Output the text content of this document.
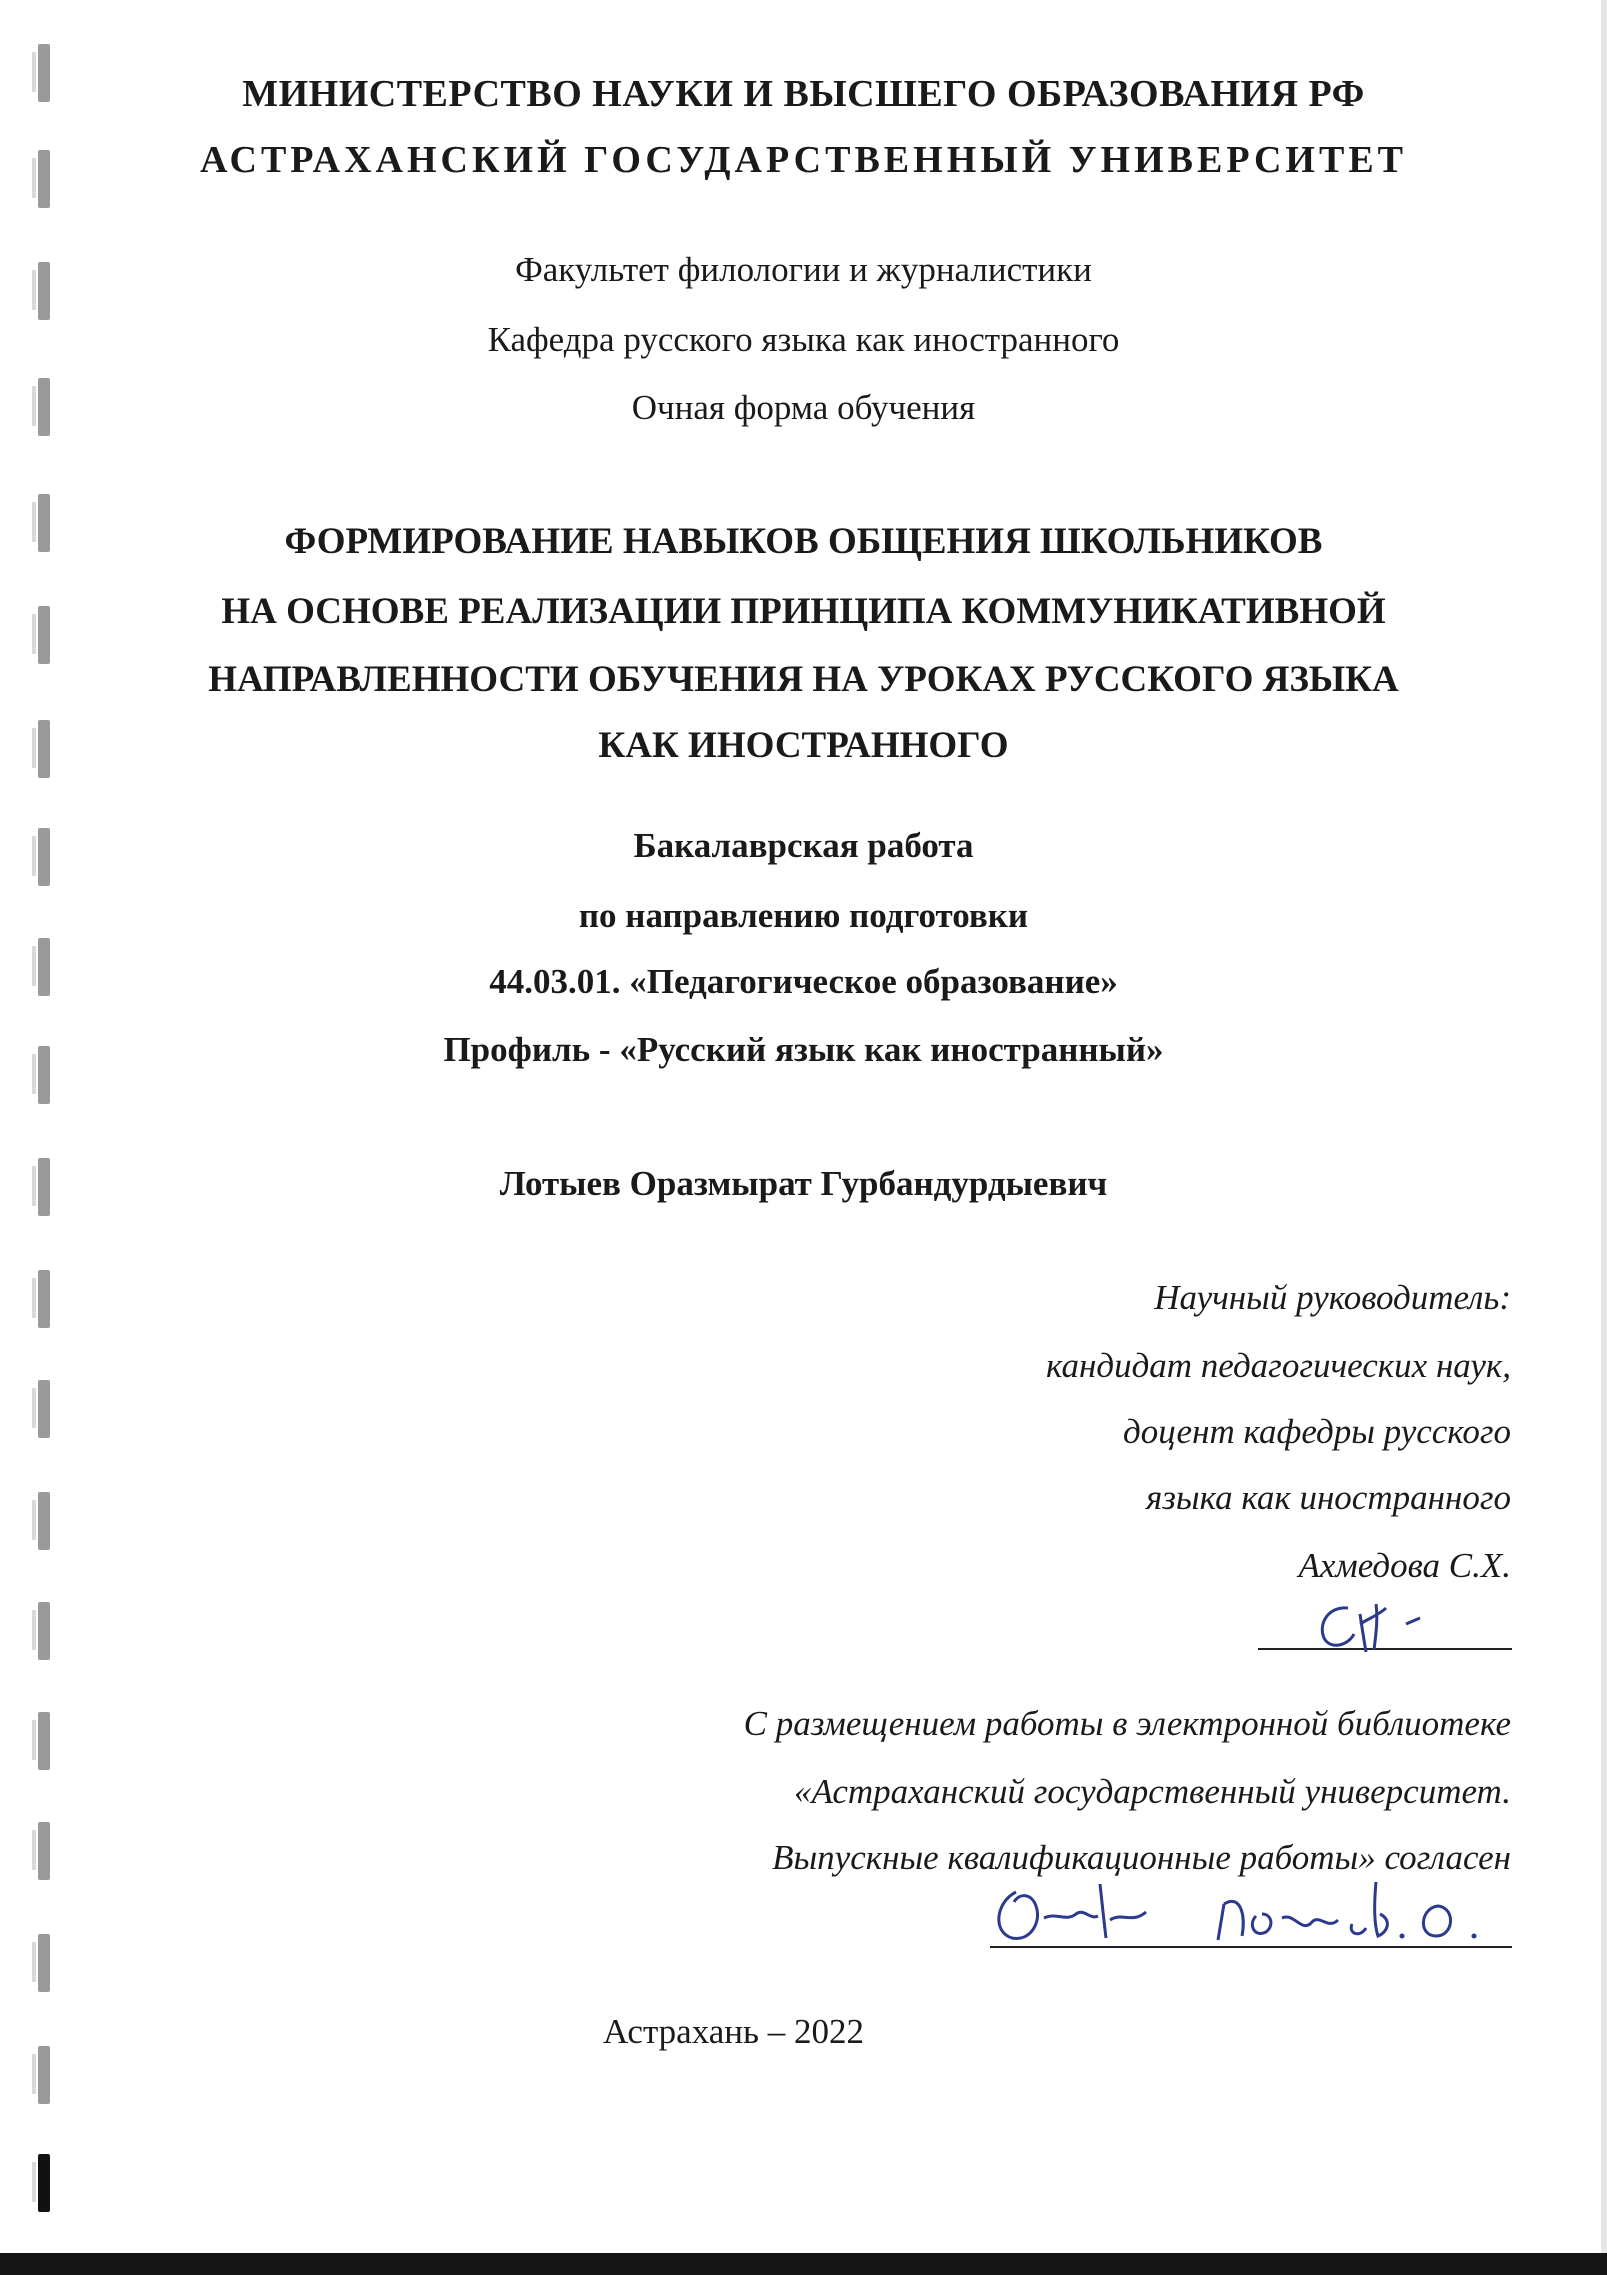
МИНИСТЕРСТВО НАУКИ И ВЫСШЕГО ОБРАЗОВАНИЯ РФ
АСТРАХАНСКИЙ ГОСУДАРСТВЕННЫЙ УНИВЕРСИТЕТ
Факультет филологии и журналистики
Кафедра русского языка как иностранного
Очная форма обучения
ФОРМИРОВАНИЕ НАВЫКОВ ОБЩЕНИЯ ШКОЛЬНИКОВ
НА ОСНОВЕ РЕАЛИЗАЦИИ ПРИНЦИПА КОММУНИКАТИВНОЙ
НАПРАВЛЕННОСТИ ОБУЧЕНИЯ НА УРОКАХ РУССКОГО ЯЗЫКА
КАК ИНОСТРАННОГО
Бакалаврская работа
по направлению подготовки
44.03.01. «Педагогическое образование»
Профиль - «Русский язык как иностранный»
Лотыев Оразмырат Гурбандурдыевич
Научный руководитель:
кандидат педагогических наук,
доцент кафедры русского
языка как иностранного
Ахмедова С.Х.
С размещением работы в электронной библиотеке
«Астраханский государственный университет.
Выпускные квалификационные работы» согласен
Астрахань – 2022
